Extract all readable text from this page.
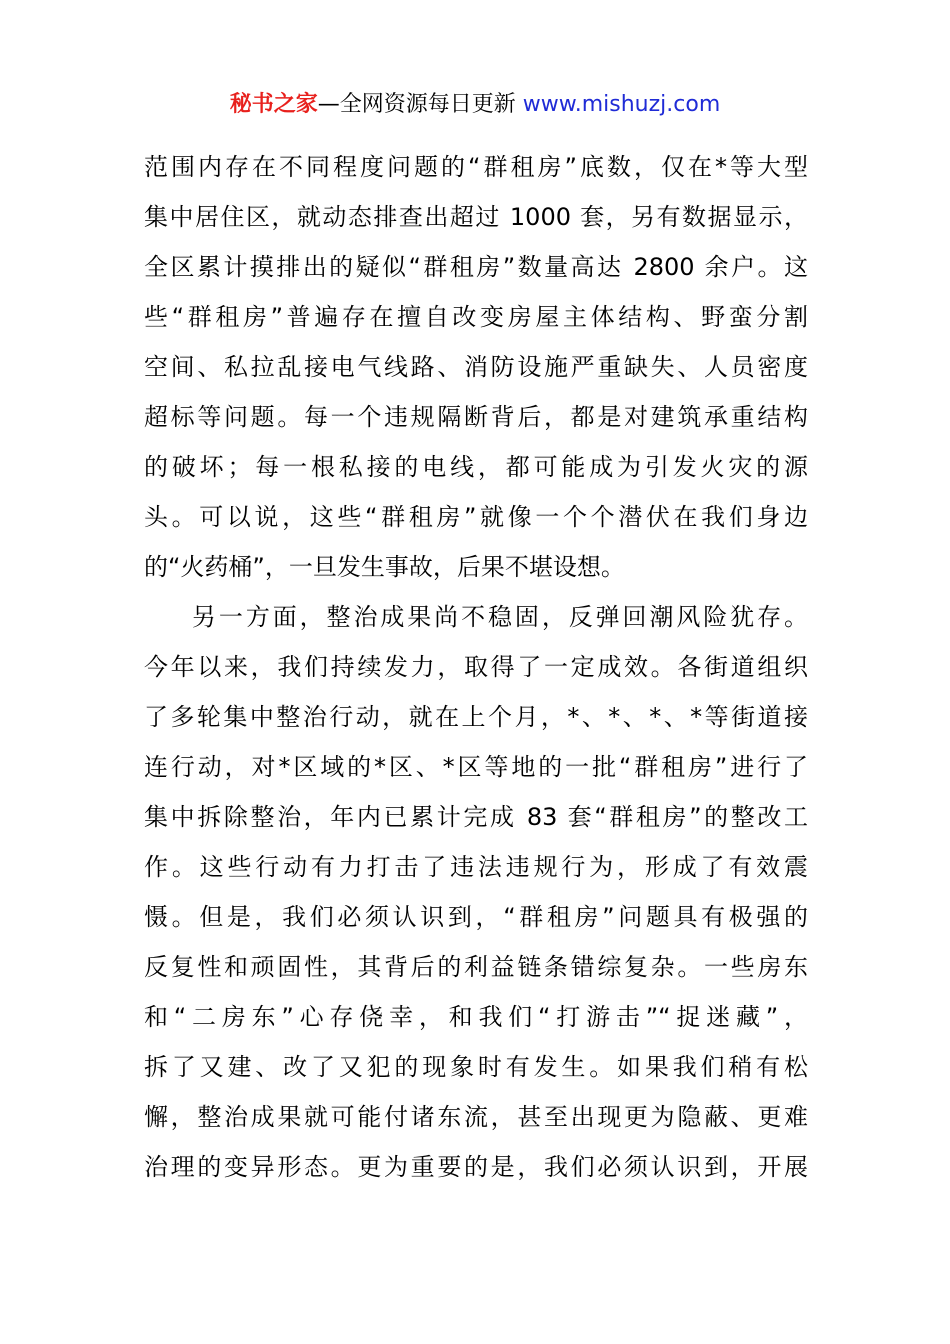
秘书之家—全网资源每日更新 www.mishuzj.com
范围内存在不同程度问题的“群租房”底数，仅在*等大型
集中居住区，就动态排查出超过 1000 套，另有数据显示，
全区累计摸排出的疑似“群租房”数量高达 2800 余户。这
些“群租房”普遍存在擅自改变房屋主体结构、野蛮分割
空间、私拉乱接电气线路、消防设施严重缺失、人员密度
超标等问题。每一个违规隔断背后，都是对建筑承重结构
的破坏；每一根私接的电线，都可能成为引发火灾的源
头。可以说，这些“群租房”就像一个个潜伏在我们身边
的“火药桶”，一旦发生事故，后果不堪设想。
另一方面，整治成果尚不稳固，反弹回潮风险犹存。
今年以来，我们持续发力，取得了一定成效。各街道组织
了多轮集中整治行动，就在上个月，*、*、*、*等街道接
连行动，对*区域的*区、*区等地的一批“群租房”进行了
集中拆除整治，年内已累计完成 83 套“群租房”的整改工
作。这些行动有力打击了违法违规行为，形成了有效震
慑。但是，我们必须认识到，“群租房”问题具有极强的
反复性和顽固性，其背后的利益链条错综复杂。一些房东
和“二房东”心存侥幸，和我们“打游击”“捉迷藏”，
拆了又建、改了又犯的现象时有发生。如果我们稍有松
懈，整治成果就可能付诸东流，甚至出现更为隐蔽、更难
治理的变异形态。更为重要的是，我们必须认识到，开展
